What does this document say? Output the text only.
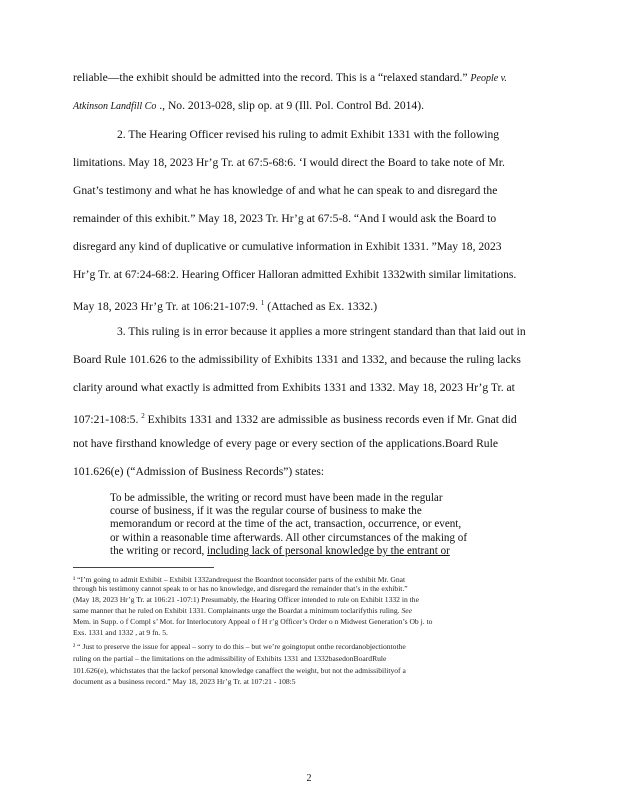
reliable—the exhibit should be admitted into the record. This is a “relaxed standard.” People v.
Atkinson Landfill Co ., No. 2013-028, slip op. at 9 (Ill. Pol. Control Bd. 2014).
2. The Hearing Officer revised his ruling to admit Exhibit 1331 with the following
limitations. May 18, 2023 Hr’g Tr. at 67:5-68:6. ‘I would direct the Board to take note of Mr.
Gnat’s testimony and what he has knowledge of and what he can speak to and disregard the
remainder of this exhibit.” May 18, 2023 Tr. Hr’g at 67:5-8. “And I would ask the Board to
disregard any kind of duplicative or cumulative information in Exhibit 1331. ”May 18, 2023
Hr’g Tr. at 67:24-68:2. Hearing Officer Halloran admitted Exhibit 1332with similar limitations.
May 18, 2023 Hr’g Tr. at 106:21-107:9. $^1$ (Attached as Ex. 1332.)
3. This ruling is in error because it applies a more stringent standard than that laid out in
Board Rule 101.626 to the admissibility of Exhibits 1331 and 1332, and because the ruling lacks
clarity around what exactly is admitted from Exhibits 1331 and 1332. May 18, 2023 Hr’g Tr. at
107:21-108:5. $^2$ Exhibits 1331 and 1332 are admissible as business records even if Mr. Gnat did
not have firsthand knowledge of every page or every section of the applications.Board Rule
101.626(e) (“Admission of Business Records”) states:
To be admissible, the writing or record must have been made in the regular
course of business, if it was the regular course of business to make the
memorandum or record at the time of the act, transaction, occurrence, or event,
or within a reasonable time afterwards. All other circumstances of the making of
the writing or record, including lack of personal knowledge by the entrant or
¹ “I’m going to admit Exhibit – Exhibit 1332andrequest the Boardnot toconsider parts of the exhibit Mr. Gnat
through his testimony cannot speak to or has no knowledge, and disregard the remainder that’s in the exhibit.”
(May 18, 2023 Hr’g Tr. at 106:21 -107:1) Presumably, the Hearing Officer intended to rule on Exhibit 1332 in the
same manner that he ruled on Exhibit 1331. Complainants urge the Boardat a minimum toclarifythis ruling. See
Mem. in Supp. o f Compl s’ Mot. for Interlocutory Appeal o f H r’g Officer’s Order o n Midwest Generation’s Ob j. to
Exs. 1331 and 1332 , at 9 fn. 5.
² “ Just to preserve the issue for appeal – sorry to do this – but we’re goingtoput onthe recordanobjectiontothe
ruling on the partial – the limitations on the admissibility of Exhibits 1331 and 1332basedonBoardRule
101.626(e), whichstates that the lackof personal knowledge canaffect the weight, but not the admissibilityof a
document as a business record.” May 18, 2023 Hr’g Tr. at 107:21 - 108:5
2
